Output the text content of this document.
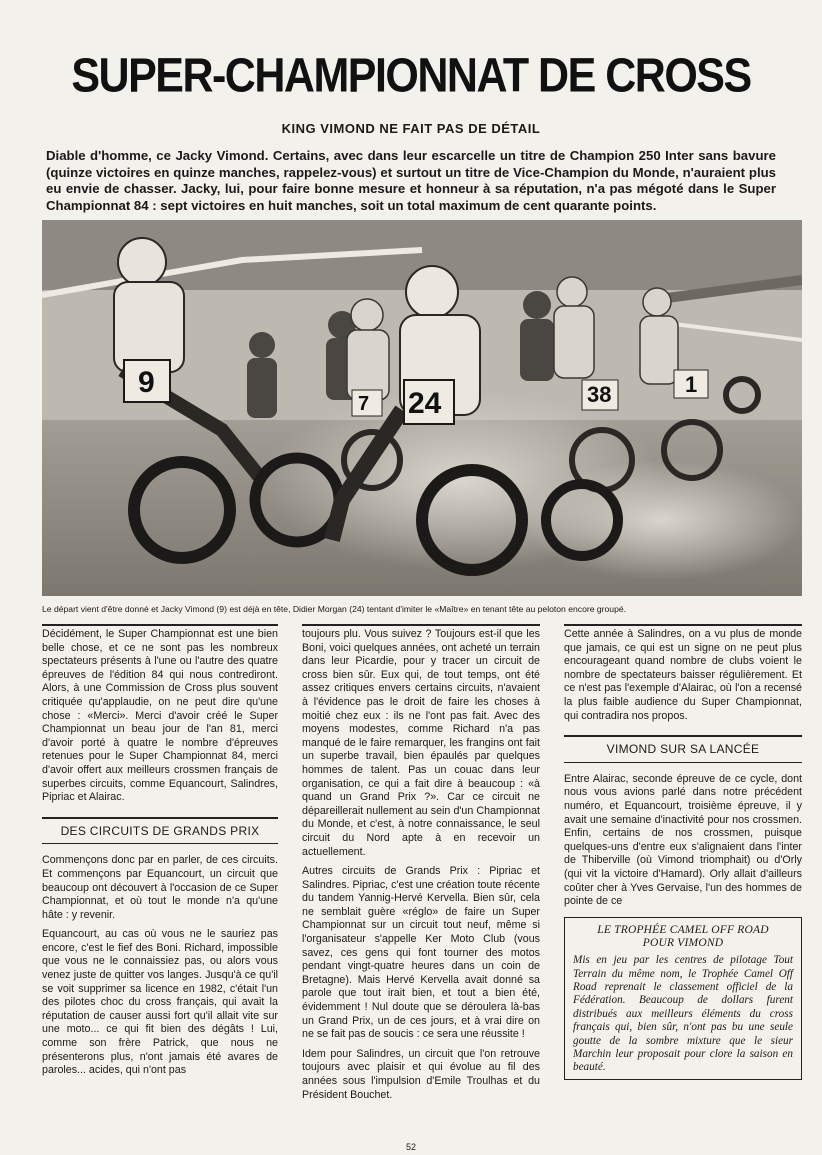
SUPER-CHAMPIONNAT DE CROSS
KING VIMOND NE FAIT PAS DE DÉTAIL

Diable d'homme, ce Jacky Vimond. Certains, avec dans leur escarcelle un titre de Champion 250 Inter sans bavure (quinze victoires en quinze manches, rappelez-vous) et surtout un titre de Vice-Champion du Monde, n'auraient plus eu envie de chasser. Jacky, lui, pour faire bonne mesure et honneur à sa réputation, n'a pas mégoté dans le Super Championnat 84 : sept victoires en huit manches, soit un total maximum de cent quarante points.

9
24	38	1
7

Le départ vient d'être donné et Jacky Vimond (9) est déjà en tête, Didier Morgan (24) tentant d'imiter le «Maître» en tenant tête au peloton encore groupé.

Décidément, le Super Championnat est une bien belle chose, et ce ne sont pas les nombreux spectateurs présents à l'une ou l'autre des quatre épreuves de l'édition 84 qui nous contrediront. Alors, à une Commission de Cross plus souvent critiquée qu'applaudie, on ne peut dire qu'une chose : «Merci». Merci d'avoir créé le Super Championnat un beau jour de l'an 81, merci d'avoir porté à quatre le nombre d'épreuves retenues pour le Super Championnat 84, merci d'avoir offert aux meilleurs crossmen français de superbes circuits, comme Equancourt, Salindres, Pipriac et Alairac.

DES CIRCUITS DE GRANDS PRIX

Commençons donc par en parler, de ces circuits. Et commençons par Equancourt, un circuit que beaucoup ont découvert à l'occasion de ce Super Championnat, et où tout le monde n'a qu'une hâte : y revenir.

Equancourt, au cas où vous ne le sauriez pas encore, c'est le fief des Boni. Richard, impossible que vous ne le connaissiez pas, ou alors vous venez juste de quitter vos langes. Jusqu'à ce qu'il se voit supprimer sa licence en 1982, c'était l'un des pilotes choc du cross français, qui avait la réputation de causer aussi fort qu'il allait vite sur une moto... ce qui fit bien des dégâts ! Lui, comme son frère Patrick, que nous ne présenterons plus, n'ont jamais été avares de paroles... acides, qui n'ont pas

toujours plu. Vous suivez ? Toujours est-il que les Boni, voici quelques années, ont acheté un terrain dans leur Picardie, pour y tracer un circuit de cross bien sûr. Eux qui, de tout temps, ont été assez critiques envers certains circuits, n'avaient à l'évidence pas le droit de faire les choses à moitié chez eux : ils ne l'ont pas fait. Avec des moyens modestes, comme Richard n'a pas manqué de le faire remarquer, les frangins ont fait un superbe travail, bien épaulés par quelques hommes de talent. Pas un couac dans leur organisation, ce qui a fait dire à beaucoup : «à quand un Grand Prix ?». Car ce circuit ne dépareillerait nullement au sein d'un Championnat du Monde, et c'est, à notre connaissance, le seul circuit du Nord apte à en recevoir un actuellement.

Autres circuits de Grands Prix : Pipriac et Salindres. Pipriac, c'est une création toute récente du tandem Yannig-Hervé Kervella. Bien sûr, cela ne semblait guère «réglo» de faire un Super Championnat sur un circuit tout neuf, même si l'organisateur s'appelle Ker Moto Club (vous savez, ces gens qui font tourner des motos pendant vingt-quatre heures dans un coin de Bretagne). Mais Hervé Kervella avait donné sa parole que tout irait bien, et tout a bien été, évidemment ! Nul doute que se déroulera là-bas un Grand Prix, un de ces jours, et à vrai dire on ne se fait pas de soucis : ce sera une réussite !

Idem pour Salindres, un circuit que l'on retrouve toujours avec plaisir et qui évolue au fil des années sous l'impulsion d'Emile Troulhas et du Président Bouchet.

Cette année à Salindres, on a vu plus de monde que jamais, ce qui est un signe on ne peut plus encourageant quand nombre de clubs voient le nombre de spectateurs baisser régulièrement. Et ce n'est pas l'exemple d'Alairac, où l'on a recensé la plus faible audience du Super Championnat, qui contradira nos propos.

VIMOND SUR SA LANCÉE

Entre Alairac, seconde épreuve de ce cycle, dont nous vous avions parlé dans notre précédent numéro, et Equancourt, troisième épreuve, il y avait une semaine d'inactivité pour nos crossmen. Enfin, certains de nos crossmen, puisque quelques-uns d'entre eux s'alignaient dans l'inter de Thiberville (où Vimond triomphait) ou d'Orly (qui vit la victoire d'Hamard). Orly allait d'ailleurs coûter cher à Yves Gervaise, l'un des hommes de pointe de ce

LE TROPHÉE CAMEL OFF ROAD
POUR VIMOND

Mis en jeu par les centres de pilotage Tout Terrain du même nom, le Trophée Camel Off Road reprenait le classement officiel de la Fédération. Beaucoup de dollars furent distribués aux meilleurs éléments du cross français qui, bien sûr, n'ont pas bu une seule goutte de la sombre mixture que le sieur Marchin leur proposait pour clore la saison en beauté.

52
